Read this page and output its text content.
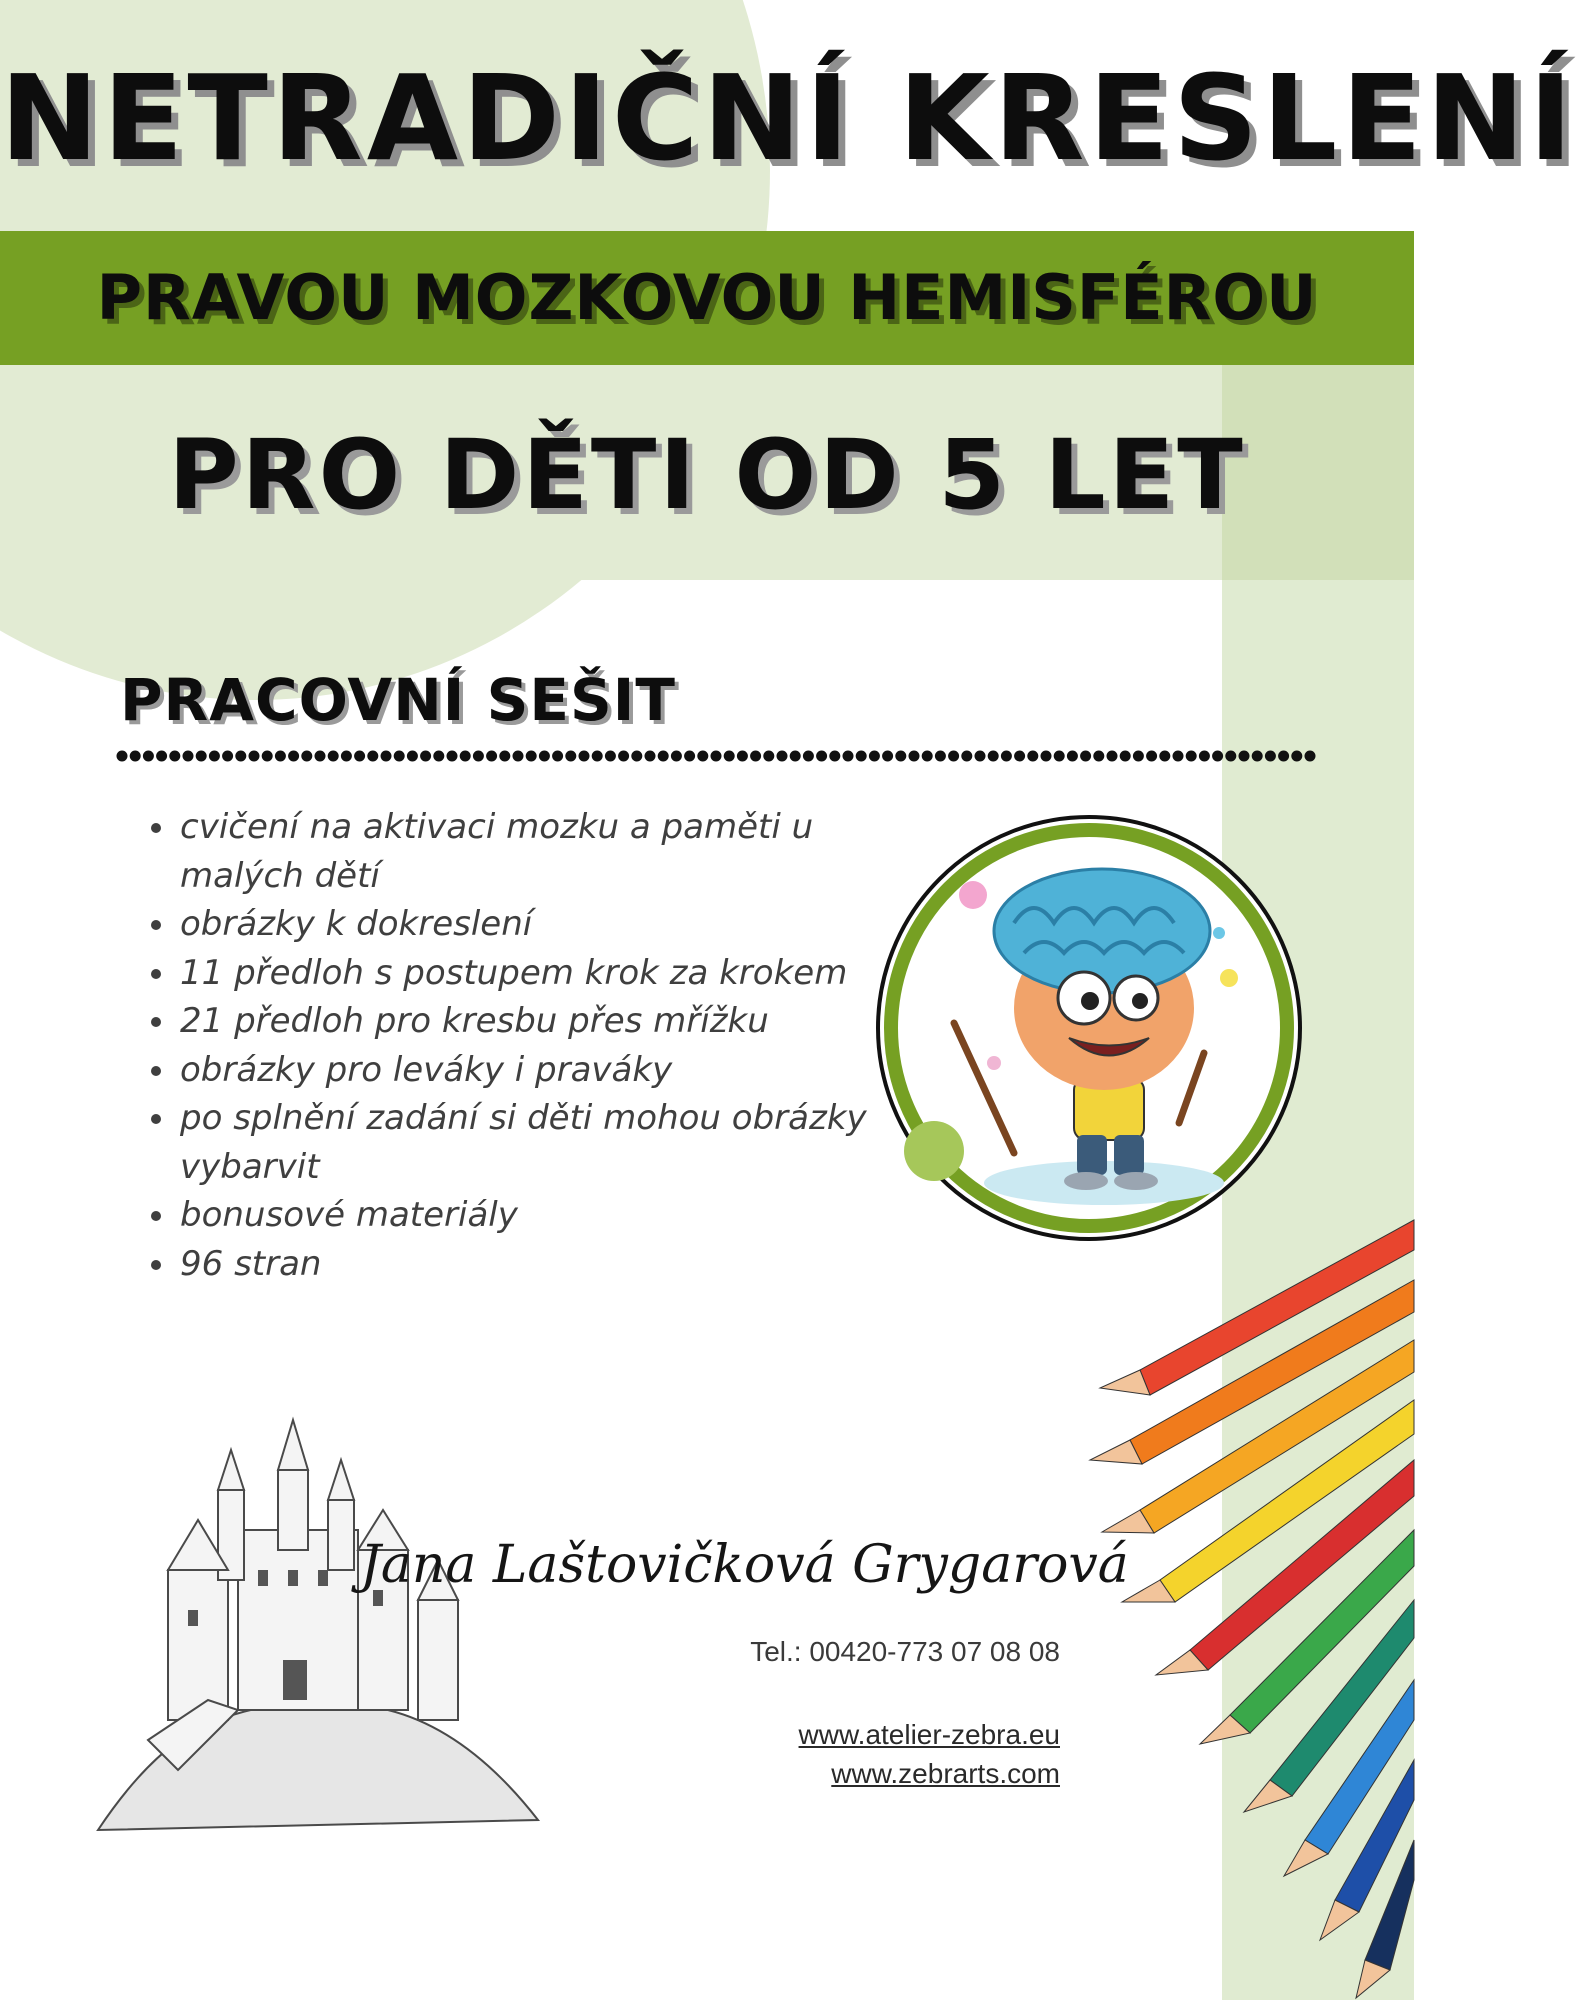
NETRADIČNÍ KRESLENÍ
PRAVOU MOZKOVOU HEMISFÉROU
PRO DĚTI OD 5 LET
PRACOVNÍ SEŠIT
• cvičení na aktivaci mozku a paměti u malých dětí
• obrázky k dokreslení
• 11 předloh s postupem krok za krokem
• 21 předloh pro kresbu přes mřížku
• obrázky pro leváky i praváky
• po splnění zadání si děti mohou obrázky vybarvit
• bonusové materiály
• 96 stran
Jana Laštovičková Grygarová
Tel.: 00420-773 07 08 08
www.atelier-zebra.eu
www.zebrarts.com
